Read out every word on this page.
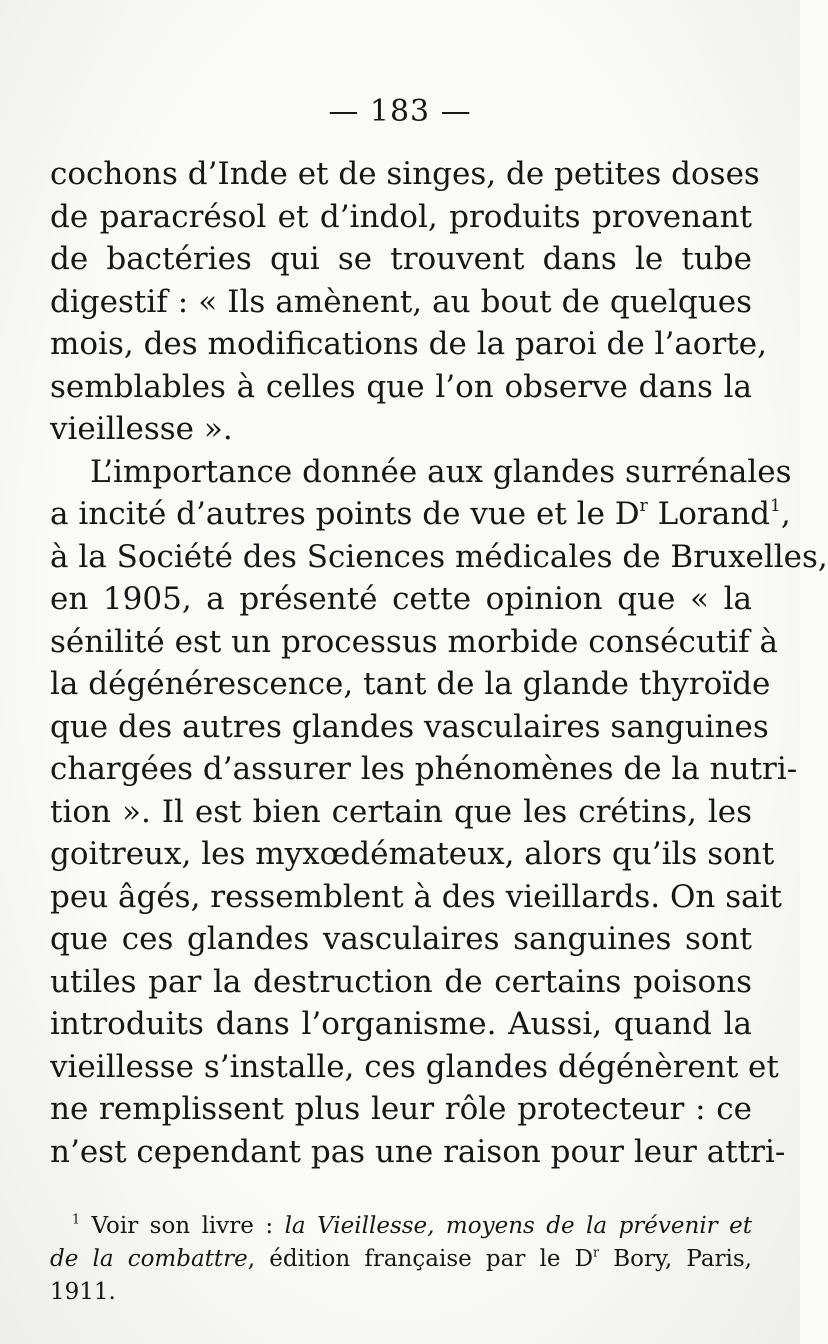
— 183 —
cochons d’Inde et de singes, de petites doses
de paracrésol et d’indol, produits provenant
de bactéries qui se trouvent dans le tube
digestif : « Ils amènent, au bout de quelques
mois, des modifications de la paroi de l’aorte,
semblables à celles que l’on observe dans la
vieillesse ».
L’importance donnée aux glandes surrénales
a incité d’autres points de vue et le $D^r$ Lorand$^1$,
à la Société des Sciences médicales de Bruxelles,
en 1905, a présenté cette opinion que « la
sénilité est un processus morbide consécutif à
la dégénérescence, tant de la glande thyroïde
que des autres glandes vasculaires sanguines
chargées d’assurer les phénomènes de la nutri-
tion ». Il est bien certain que les crétins, les
goitreux, les myxœdémateux, alors qu’ils sont
peu âgés, ressemblent à des vieillards. On sait
que ces glandes vasculaires sanguines sont
utiles par la destruction de certains poisons
introduits dans l’organisme. Aussi, quand la
vieillesse s’installe, ces glandes dégénèrent et
ne remplissent plus leur rôle protecteur : ce
n’est cependant pas une raison pour leur attri-
$^1$ Voir son livre : la Vieillesse, moyens de la prévenir et
de la combattre, édition française par le $D^r$ Bory, Paris,
1911.
